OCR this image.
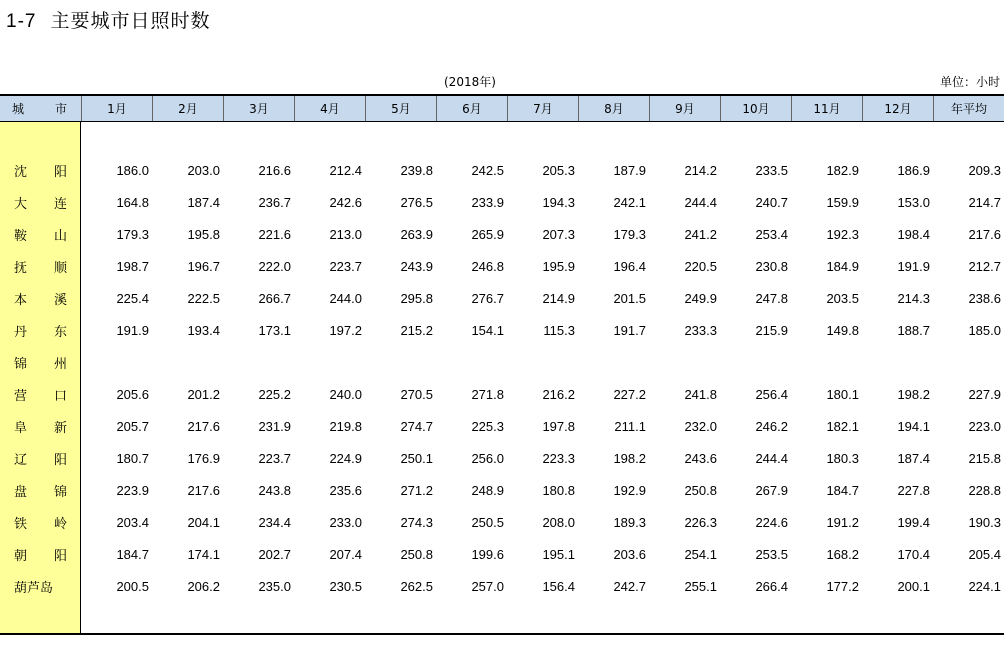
1-7 主要城市日照时数
(2018年)	单位：小时
城	市	1月	2月	3月	4月	5月	6月	7月	8月	9月	10月	11月	12月	年平均
沈 阳	186.0	203.0	216.6	212.4	239.8	242.5	205.3	187.9	214.2	233.5	182.9	186.9	209.3
大 连	164.8	187.4	236.7	242.6	276.5	233.9	194.3	242.1	244.4	240.7	159.9	153.0	214.7
鞍 山	179.3	195.8	221.6	213.0	263.9	265.9	207.3	179.3	241.2	253.4	192.3	198.4	217.6
抚 顺	198.7	196.7	222.0	223.7	243.9	246.8	195.9	196.4	220.5	230.8	184.9	191.9	212.7
本 溪	225.4	222.5	266.7	244.0	295.8	276.7	214.9	201.5	249.9	247.8	203.5	214.3	238.6
丹 东	191.9	193.4	173.1	197.2	215.2	154.1	115.3	191.7	233.3	215.9	149.8	188.7	185.0
锦 州
营 口	205.6	201.2	225.2	240.0	270.5	271.8	216.2	227.2	241.8	256.4	180.1	198.2	227.9
阜 新	205.7	217.6	231.9	219.8	274.7	225.3	197.8	211.1	232.0	246.2	182.1	194.1	223.0
辽 阳	180.7	176.9	223.7	224.9	250.1	256.0	223.3	198.2	243.6	244.4	180.3	187.4	215.8
盘 锦	223.9	217.6	243.8	235.6	271.2	248.9	180.8	192.9	250.8	267.9	184.7	227.8	228.8
铁 岭	203.4	204.1	234.4	233.0	274.3	250.5	208.0	189.3	226.3	224.6	191.2	199.4	190.3
朝 阳	184.7	174.1	202.7	207.4	250.8	199.6	195.1	203.6	254.1	253.5	168.2	170.4	205.4
葫芦岛	200.5	206.2	235.0	230.5	262.5	257.0	156.4	242.7	255.1	266.4	177.2	200.1	224.1
